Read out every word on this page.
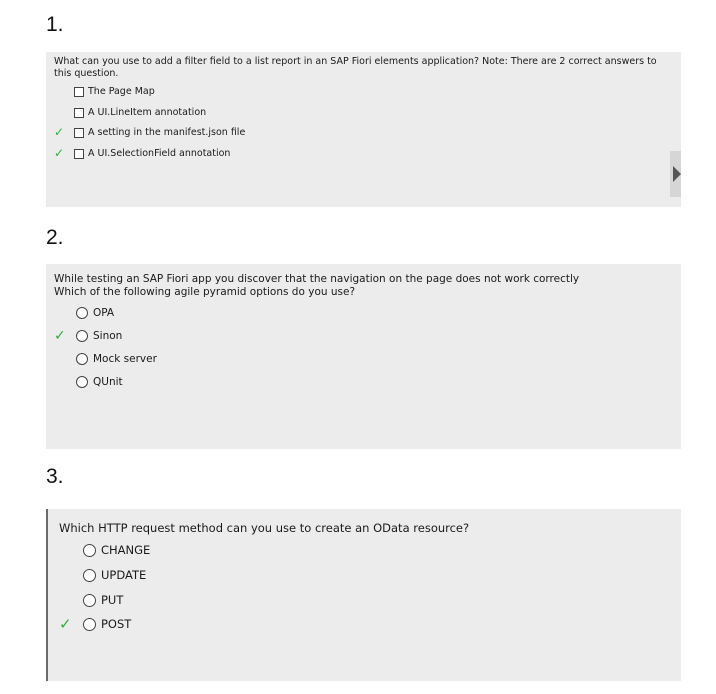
1.
What can you use to add a filter field to a list report in an SAP Fiori elements application? Note: There are 2 correct answers to this question.
The Page Map
A UI.LineItem annotation
✓	A setting in the manifest.json file
✓	A UI.SelectionField annotation
2.
While testing an SAP Fiori app you discover that the navigation on the page does not work correctly
Which of the following agile pyramid options do you use?
OPA
✓	Sinon
Mock server
QUnit
3.
Which HTTP request method can you use to create an OData resource?
CHANGE
UPDATE
PUT
✓	POST
